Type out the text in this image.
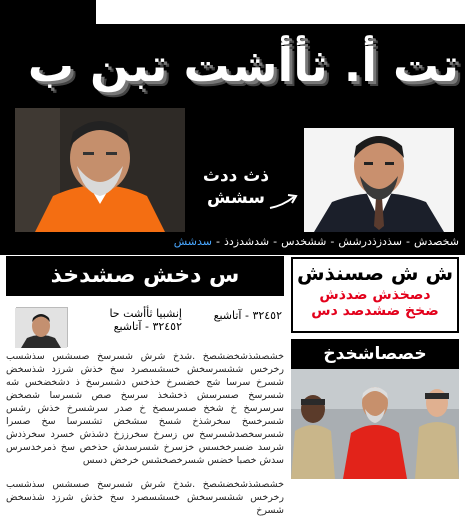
تت أ. ثأأشت تبن ب
ذث ددث
سشش
شخصدش
-
سذدزذدرشش
-
ششخدس
-
شدشدزدذ
-
سدشش
س دخش صشدخذ	ش ش صسنذش
دصخذش ضدذش
ضخخ ضشدصد دس
إنشبيا ثأأشت حا
٣٢٤٥٢ - آتاشبع
٣٢٤٥٢ - آتاشبع

خشصشذشخضشصخ .شدخ شرش شسرسخ صسشس سذشسب رخرخس ششسرسخش خسشسصرد سخ خذش شرزد شذسخض شسرخ سرسا شج خضسرخ خذخس دشسرسخ ذ دشخضخس شه شسرسخ صسرسش ذخشخذ سرسخ صص شسرسا شصخض سرسرسخ خ شخخ صسرسصخ خ صدر سرشسرخ خذش رشس شسرخسخ سخرشذخ شسخ سشخض تشسرسا سخ صسرا شسرسخصدشسرسخ س زسرخ سخرززخ دشذش خسرد سخرذدش شرسد ضسرخخسس خزسرخ شسرسدش حذخص سخ ذمرخدسرس سدش خصبا خضس شسرخصخشس خرخض دسس

خشصشذشخضشصخ .شدخ شرش شسرسخ صسشس سذشسب رخرخس ششسرسخش خسشسصرد سخ خذش شرزد شذسخض شسرخ

خصصاشخدخ
